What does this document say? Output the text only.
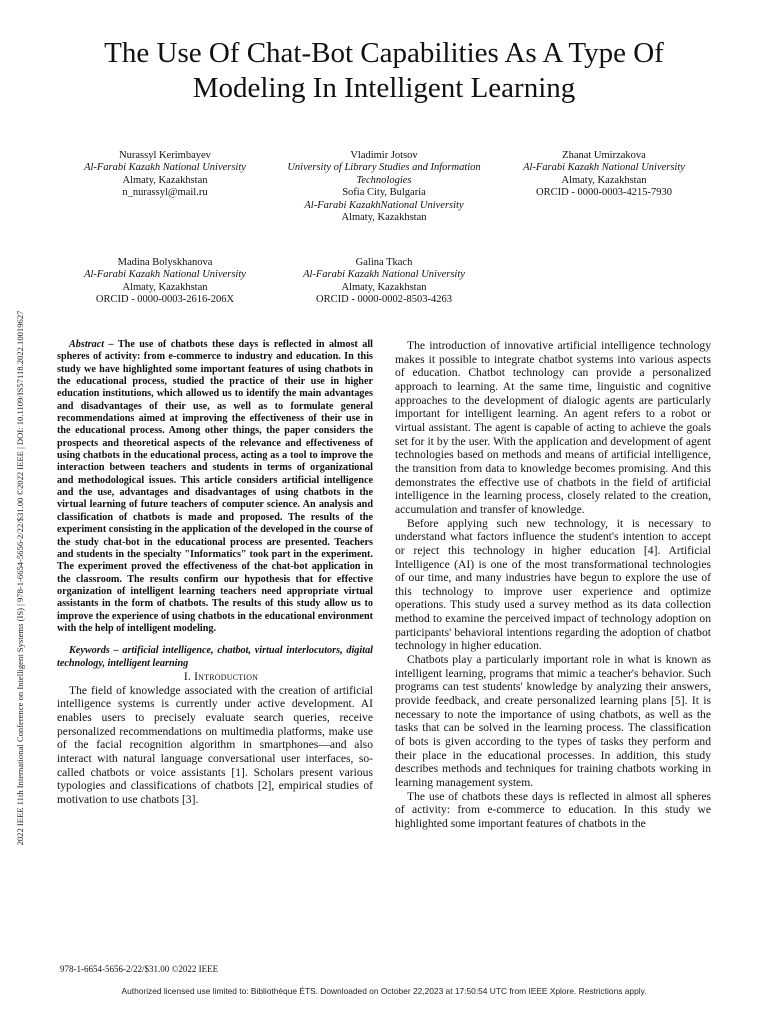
2022 IEEE 11th International Conference on Intelligent Systems (IS) | 978-1-6654-5656-2/22/$31.00 ©2022 IEEE | DOI: 10.1109/IS57118.2022.10019627
The Use Of Chat-Bot Capabilities As A Type Of
Modeling In Intelligent Learning
Nurassyl Kerimbayev
Al-Farabi Kazakh National University
Almaty, Kazakhstan
n_nurassyl@mail.ru
Vladimir Jotsov
University of Library Studies and Information
Technologies
Sofia City, Bulgaria
Al-Farabi KazakhNational University
Almaty, Kazakhstan
Zhanat Umirzakova
Al-Farabi Kazakh National University
Almaty, Kazakhstan
ORCID - 0000-0003-4215-7930
Madina Bolyskhanova
Al-Farabi Kazakh National University
Almaty, Kazakhstan
ORCID - 0000-0003-2616-206X
Galina Tkach
Al-Farabi Kazakh National University
Almaty, Kazakhstan
ORCID - 0000-0002-8503-4263

Abstract – The use of chatbots these days is reflected in almost all spheres of activity: from e-commerce to industry and education. In this study we have highlighted some important features of using chatbots in the educational process, studied the practice of their use in higher education institutions, which allowed us to identify the main advantages and disadvantages of their use, as well as to formulate general recommendations aimed at improving the effectiveness of their use in the educational process. Among other things, the paper considers the prospects and theoretical aspects of the relevance and effectiveness of using chatbots in the educational process, acting as a tool to improve the interaction between teachers and students in terms of organizational and methodological issues. This article considers artificial intelligence and the use, advantages and disadvantages of using chatbots in the virtual learning of future teachers of computer science. An analysis and classification of chatbots is made and proposed. The results of the experiment consisting in the application of the developed in the course of the study chat-bot in the educational process are presented. Teachers and students in the specialty "Informatics" took part in the experiment. The experiment proved the effectiveness of the chat-bot application in the classroom. The results confirm our hypothesis that for effective organization of intelligent learning teachers need appropriate virtual assistants in the form of chatbots. The results of this study allow us to improve the experience of using chatbots in the educational environment with the help of intelligent modeling.

Keywords – artificial intelligence, chatbot, virtual interlocutors, digital technology, intelligent learning

I. Introduction

The field of knowledge associated with the creation of artificial intelligence systems is currently under active development. AI enables users to precisely evaluate search queries, receive personalized recommendations on multimedia platforms, make use of the facial recognition algorithm in smartphones—and also interact with natural language conversational user interfaces, so-called chatbots or voice assistants [1]. Scholars present various typologies and classifications of chatbots [2], empirical studies of motivation to use chatbots [3].

The introduction of innovative artificial intelligence technology makes it possible to integrate chatbot systems into various aspects of education. Chatbot technology can provide a personalized approach to learning. At the same time, linguistic and cognitive approaches to the development of dialogic agents are particularly important for intelligent learning. An agent refers to a robot or virtual assistant. The agent is capable of acting to achieve the goals set for it by the user. With the application and development of agent technologies based on methods and means of artificial intelligence, the transition from data to knowledge becomes promising. And this demonstrates the effective use of chatbots in the field of artificial intelligence in the learning process, closely related to the creation, accumulation and transfer of knowledge.

Before applying such new technology, it is necessary to understand what factors influence the student's intention to accept or reject this technology in higher education [4]. Artificial Intelligence (AI) is one of the most transformational technologies of our time, and many industries have begun to explore the use of this technology to improve user experience and optimize operations. This study used a survey method as its data collection method to examine the perceived impact of technology adoption on participants' behavioral intentions regarding the adoption of chatbot technology in higher education.

Chatbots play a particularly important role in what is known as intelligent learning, programs that mimic a teacher's behavior. Such programs can test students' knowledge by analyzing their answers, provide feedback, and create personalized learning plans [5]. It is necessary to note the importance of using chatbots, as well as the tasks that can be solved in the learning process. The classification of bots is given according to the types of tasks they perform and their place in the educational processes. In addition, this study describes methods and techniques for training chatbots working in learning management system.

The use of chatbots these days is reflected in almost all spheres of activity: from e-commerce to education. In this study we highlighted some important features of chatbots in the

978-1-6654-5656-2/22/$31.00 ©2022 IEEE
Authorized licensed use limited to: Bibliothèque ÉTS. Downloaded on October 22,2023 at 17:50:54 UTC from IEEE Xplore. Restrictions apply.
